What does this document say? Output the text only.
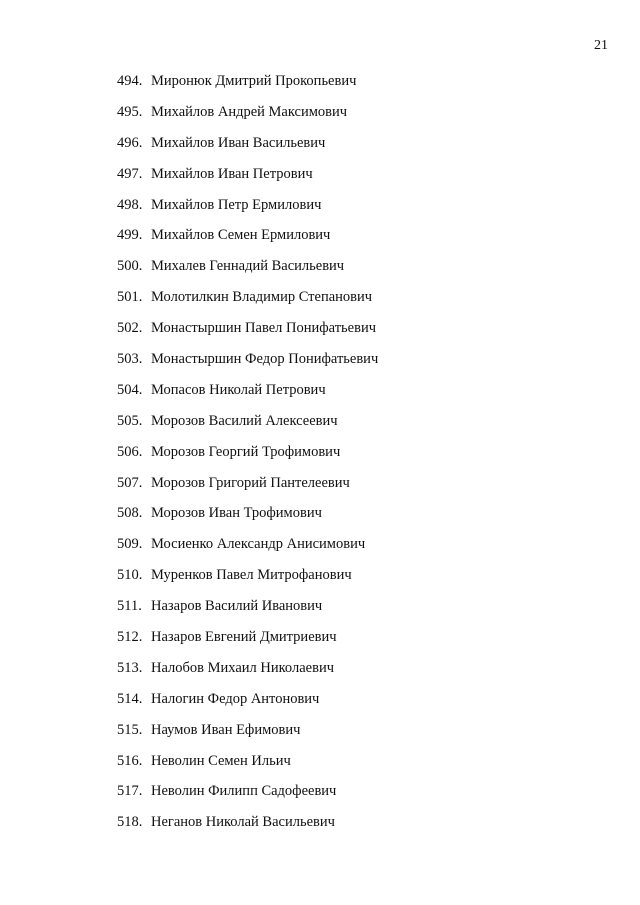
21
494. Миронюк Дмитрий Прокопьевич
495. Михайлов Андрей Максимович
496. Михайлов Иван Васильевич
497. Михайлов Иван Петрович
498. Михайлов Петр Ермилович
499. Михайлов Семен Ермилович
500. Михалев Геннадий Васильевич
501. Молотилкин Владимир Степанович
502. Монастыршин Павел Понифатьевич
503. Монастыршин Федор Понифатьевич
504. Мопасов Николай Петрович
505. Морозов Василий Алексеевич
506. Морозов Георгий Трофимович
507. Морозов Григорий Пантелеевич
508. Морозов Иван Трофимович
509. Мосиенко Александр Анисимович
510. Муренков Павел Митрофанович
511. Назаров Василий Иванович
512. Назаров Евгений Дмитриевич
513. Налобов Михаил Николаевич
514. Налогин Федор Антонович
515. Наумов Иван Ефимович
516. Неволин Семен Ильич
517. Неволин Филипп Садофеевич
518. Неганов Николай Васильевич
